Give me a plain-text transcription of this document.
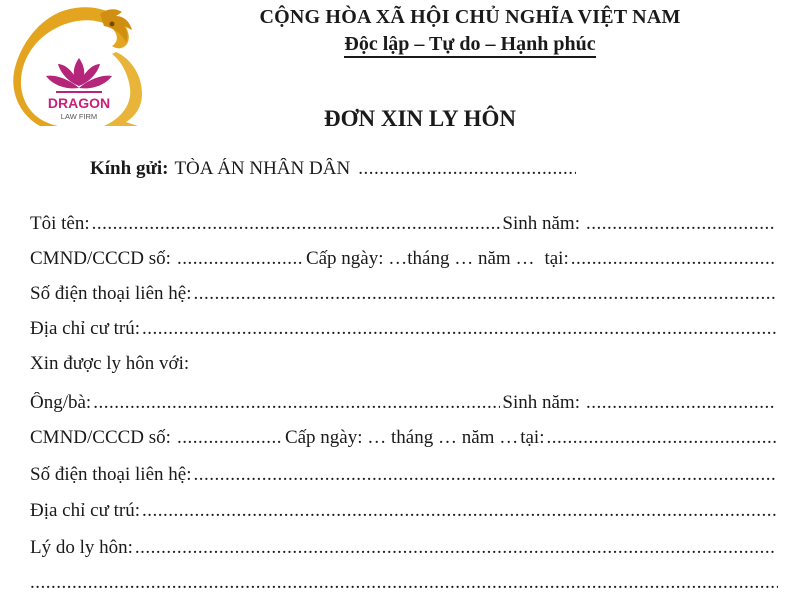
DRAGON
LAW FIRM
CỘNG HÒA XÃ HỘI CHỦ NGHĨA VIỆT NAM
Độc lập – Tự do – Hạnh phúc
ĐƠN XIN LY HÔN
Kính gửi: TÒA ÁN NHÂN DÂN
.....
Tôi tên: .....	Sinh năm:
.....
CMND/CCCD số: .....	Cấp ngày: …tháng … năm … tại:
.....
Số điện thoại liên hệ:
.....
Địa chỉ cư trú:
.....
Xin được ly hôn với:
Ông/bà: .....	Sinh năm:
.....
CMND/CCCD số: .....	Cấp ngày: … tháng … năm … tại:
.....
Số điện thoại liên hệ:
.....
Địa chỉ cư trú:
.....
Lý do ly hôn:
.....
.....
